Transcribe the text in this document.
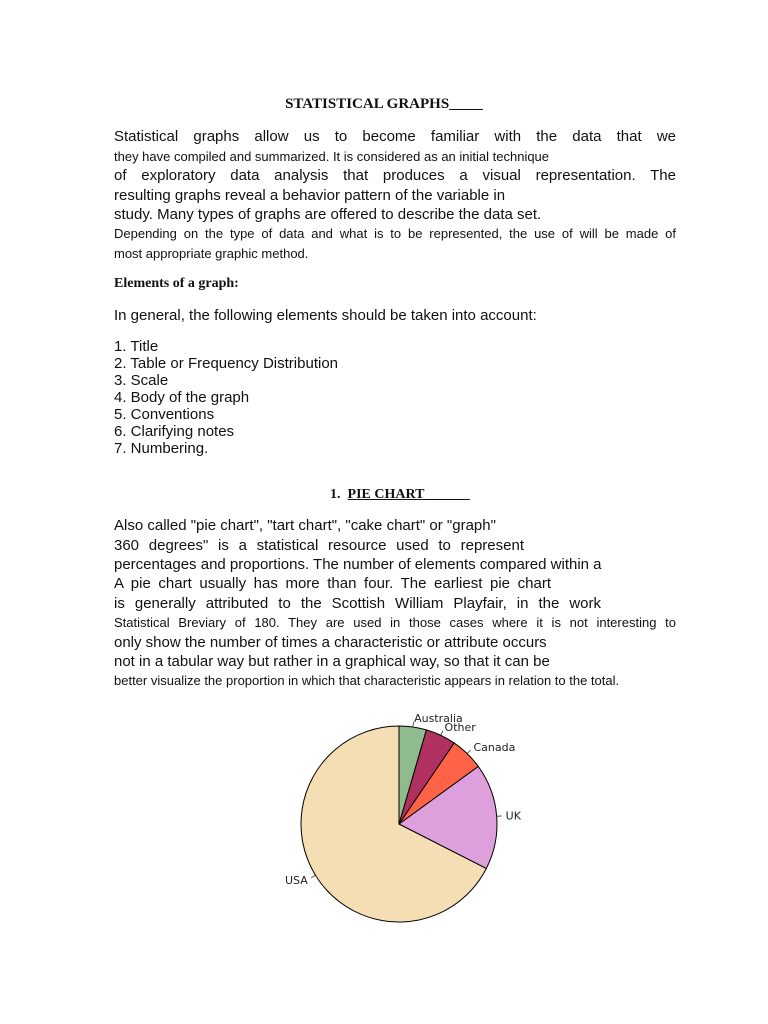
STATISTICAL GRAPHS
Statistical graphs allow us to become familiar with the data that we
they have compiled and summarized. It is considered as an initial technique
of exploratory data analysis that produces a visual representation. The
resulting graphs reveal a behavior pattern of the variable in
study. Many types of graphs are offered to describe the data set.
Depending on the type of data and what is to be represented, the use of will be made of
most appropriate graphic method.
Elements of a graph:
In general, the following elements should be taken into account:
1. Title
2. Table or Frequency Distribution
3. Scale
4. Body of the graph
5. Conventions
6. Clarifying notes
7. Numbering.
1. PIE CHART
Also called "pie chart", "tart chart", "cake chart" or "graph"
360 degrees" is a statistical resource used to represent
percentages and proportions. The number of elements compared within a
A pie chart usually has more than four. The earliest pie chart
is generally attributed to the Scottish William Playfair, in the work
Statistical Breviary of 180. They are used in those cases where it is not interesting to
only show the number of times a characteristic or attribute occurs
not in a tabular way but rather in a graphical way, so that it can be
better visualize the proportion in which that characteristic appears in relation to the total.
USA
UK
Canada
Other
Australia
